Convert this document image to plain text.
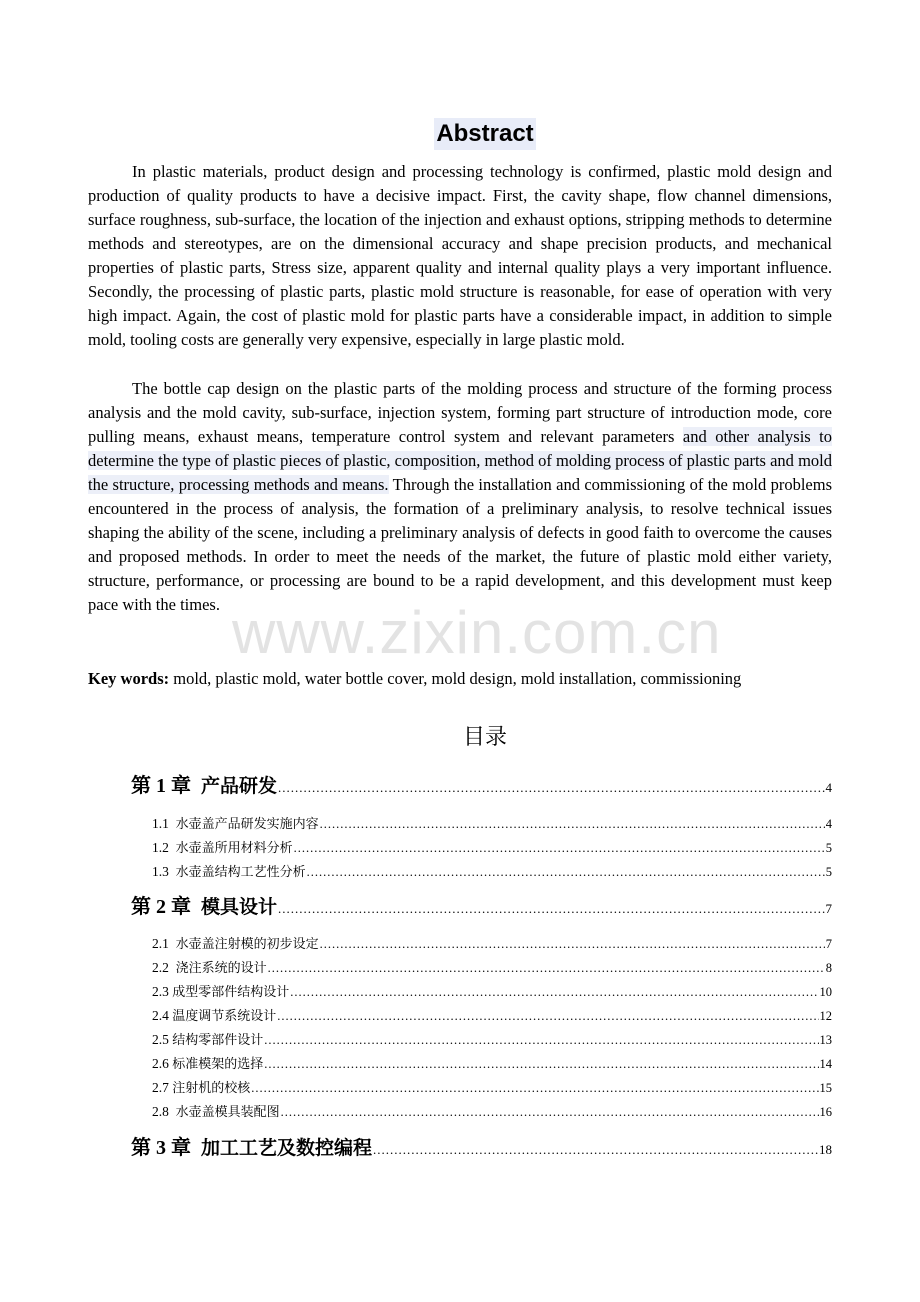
Abstract
In plastic materials, product design and processing technology is confirmed, plastic mold design and production of quality products to have a decisive impact. First, the cavity shape, flow channel dimensions, surface roughness, sub-surface, the location of the injection and exhaust options, stripping methods to determine methods and stereotypes, are on the dimensional accuracy and shape precision products, and mechanical properties of plastic parts, Stress size, apparent quality and internal quality plays a very important influence. Secondly, the processing of plastic parts, plastic mold structure is reasonable, for ease of operation with very high impact. Again, the cost of plastic mold for plastic parts have a considerable impact, in addition to simple mold, tooling costs are generally very expensive, especially in large plastic mold.
The bottle cap design on the plastic parts of the molding process and structure of the forming process analysis and the mold cavity, sub-surface, injection system, forming part structure of introduction mode, core pulling means, exhaust means, temperature control system and relevant parameters and other analysis to determine the type of plastic pieces of plastic, composition, method of molding process of plastic parts and mold the structure, processing methods and means. Through the installation and commissioning of the mold problems encountered in the process of analysis, the formation of a preliminary analysis, to resolve technical issues shaping the ability of the scene, including a preliminary analysis of defects in good faith to overcome the causes and proposed methods. In order to meet the needs of the market, the future of plastic mold either variety, structure, performance, or processing are bound to be a rapid development, and this development must keep pace with the times. www.zixin.com.cn
Key words: mold, plastic mold, water bottle cover, mold design, mold installation, commissioning
目录
第 1 章 产品研发 .....	4
1.1 水壶盖产品研发实施内容 .....	4
1.2 水壶盖所用材料分析 .....	5
1.3 水壶盖结构工艺性分析 .....	5
第 2 章 模具设计 .....	7
2.1 水壶盖注射模的初步设定 .....	7
2.2 浇注系统的设计 .....	8
2.3 成型零部件结构设计 .....	10
2.4 温度调节系统设计 .....	12
2.5 结构零部件设计 .....	13
2.6 标准模架的选择 .....	14
2.7 注射机的校核 .....	15
2.8 水壶盖模具装配图 .....	16
第 3 章 加工工艺及数控编程 .....	18
